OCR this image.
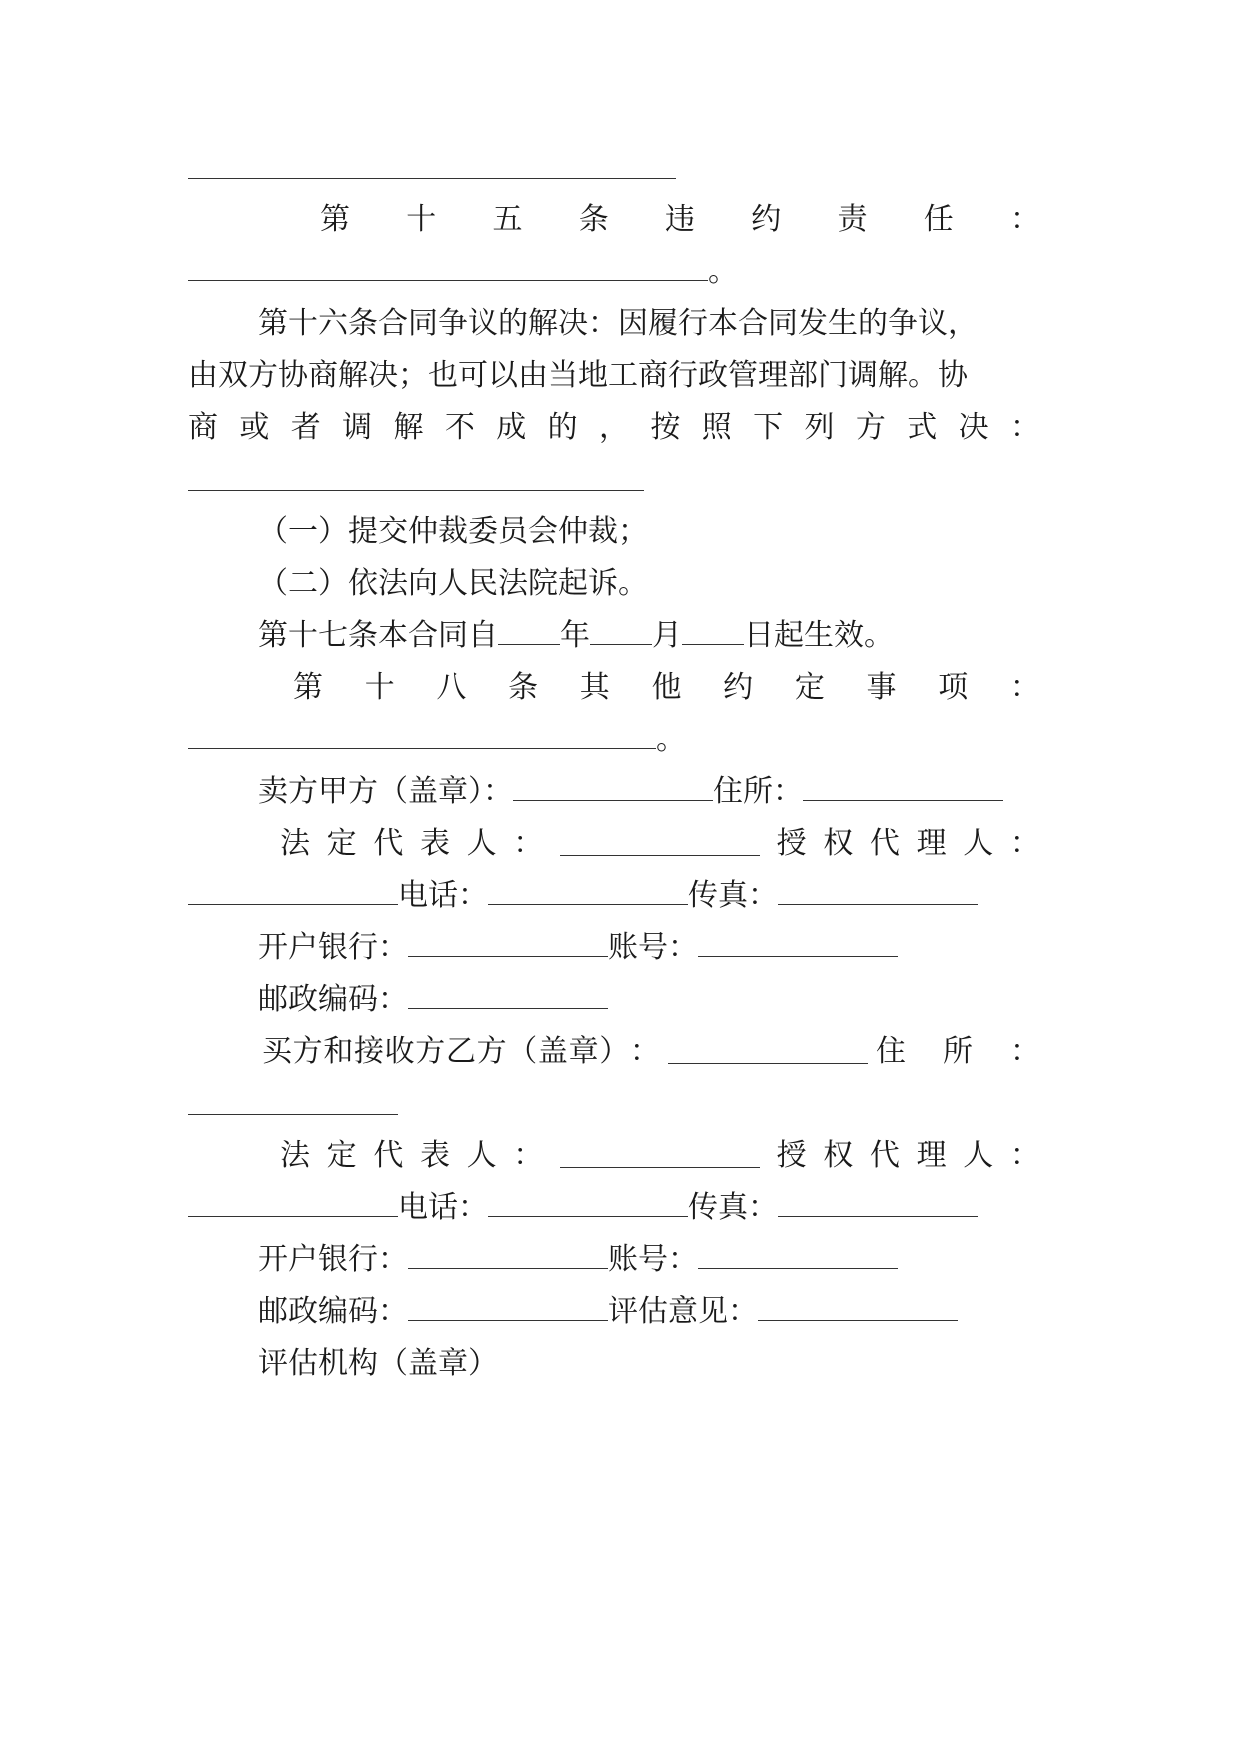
第 十 五 条 违 约 责 任 ：
。
第十六条合同争议的解决：因履行本合同发生的争议，
由双方协商解决；也可以由当地工商行政管理部门调解。协
商 或 者 调 解 不 成 的 ， 按 照 下 列 方 式 决 ：
（一）提交仲裁委员会仲裁；
（二）依法向人民法院起诉。
第十七条本合同自 年 月 日起生效。
第 十 八 条 其 他 约 定 事 项 ：
。
卖方甲方（盖章）：	住所：
法 定 代 表 人 ：	授 权 代 理 人 ：
电话：	传真：
开户银行：	账号：
邮政编码：
买 方 和 接 收 方 乙 方 （ 盖 章 ） ：	住 所 ：
法 定 代 表 人 ：	授 权 代 理 人 ：
电话：	传真：
开户银行：	账号：
邮政编码：	评估意见：
评估机构（盖章）
